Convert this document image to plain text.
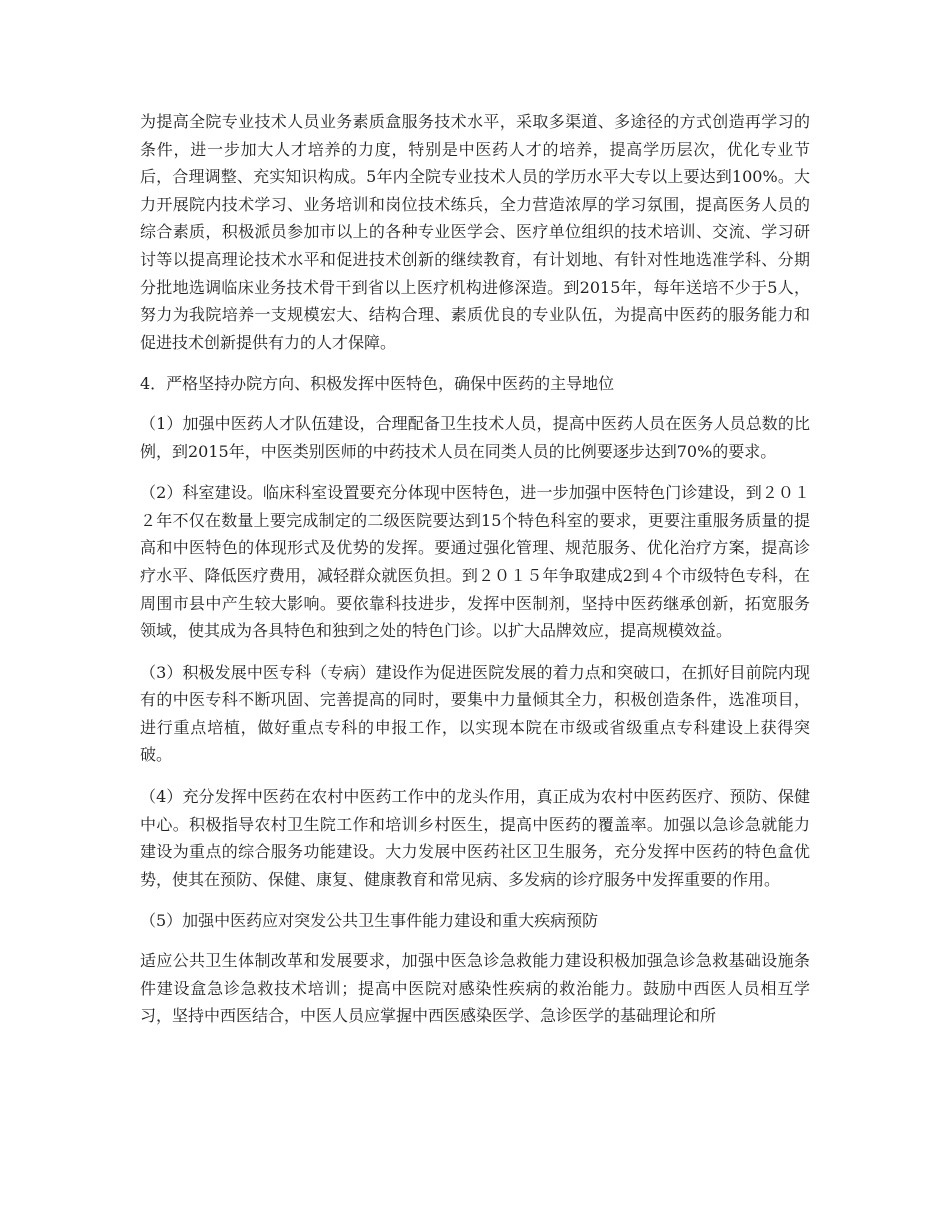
为提高全院专业技术人员业务素质盒服务技术水平，采取多渠道、多途径的方式创造再学习的条件，进一步加大人才培养的力度，特别是中医药人才的培养，提高学历层次，优化专业节后，合理调整、充实知识构成。5年内全院专业技术人员的学历水平大专以上要达到100%。大力开展院内技术学习、业务培训和岗位技术练兵，全力营造浓厚的学习氛围，提高医务人员的综合素质，积极派员参加市以上的各种专业医学会、医疗单位组织的技术培训、交流、学习研讨等以提高理论技术水平和促进技术创新的继续教育，有计划地、有针对性地选准学科、分期分批地选调临床业务技术骨干到省以上医疗机构进修深造。到2015年，每年送培不少于5人，努力为我院培养一支规模宏大、结构合理、素质优良的专业队伍，为提高中医药的服务能力和促进技术创新提供有力的人才保障。

4．严格坚持办院方向、积极发挥中医特色，确保中医药的主导地位

（1）加强中医药人才队伍建设，合理配备卫生技术人员，提高中医药人员在医务人员总数的比例，到2015年，中医类别医师的中药技术人员在同类人员的比例要逐步达到70%的要求。

（2）科室建设。临床科室设置要充分体现中医特色，进一步加强中医特色门诊建设，到２０１２年不仅在数量上要完成制定的二级医院要达到15个特色科室的要求，更要注重服务质量的提高和中医特色的体现形式及优势的发挥。要通过强化管理、规范服务、优化治疗方案，提高诊疗水平、降低医疗费用，减轻群众就医负担。到２０１５年争取建成2到４个市级特色专科，在周围市县中产生较大影响。要依靠科技进步，发挥中医制剂，坚持中医药继承创新，拓宽服务领域，使其成为各具特色和独到之处的特色门诊。以扩大品牌效应，提高规模效益。

（3）积极发展中医专科（专病）建设作为促进医院发展的着力点和突破口，在抓好目前院内现有的中医专科不断巩固、完善提高的同时，要集中力量倾其全力，积极创造条件，选准项目，进行重点培植，做好重点专科的申报工作，以实现本院在市级或省级重点专科建设上获得突破。

（4）充分发挥中医药在农村中医药工作中的龙头作用，真正成为农村中医药医疗、预防、保健中心。积极指导农村卫生院工作和培训乡村医生，提高中医药的覆盖率。加强以急诊急就能力建设为重点的综合服务功能建设。大力发展中医药社区卫生服务，充分发挥中医药的特色盒优势，使其在预防、保健、康复、健康教育和常见病、多发病的诊疗服务中发挥重要的作用。

（5）加强中医药应对突发公共卫生事件能力建设和重大疾病预防

适应公共卫生体制改革和发展要求，加强中医急诊急救能力建设积极加强急诊急救基础设施条件建设盒急诊急救技术培训；提高中医院对感染性疾病的救治能力。鼓励中西医人员相互学习，坚持中西医结合，中医人员应掌握中西医感染医学、急诊医学的基础理论和所
